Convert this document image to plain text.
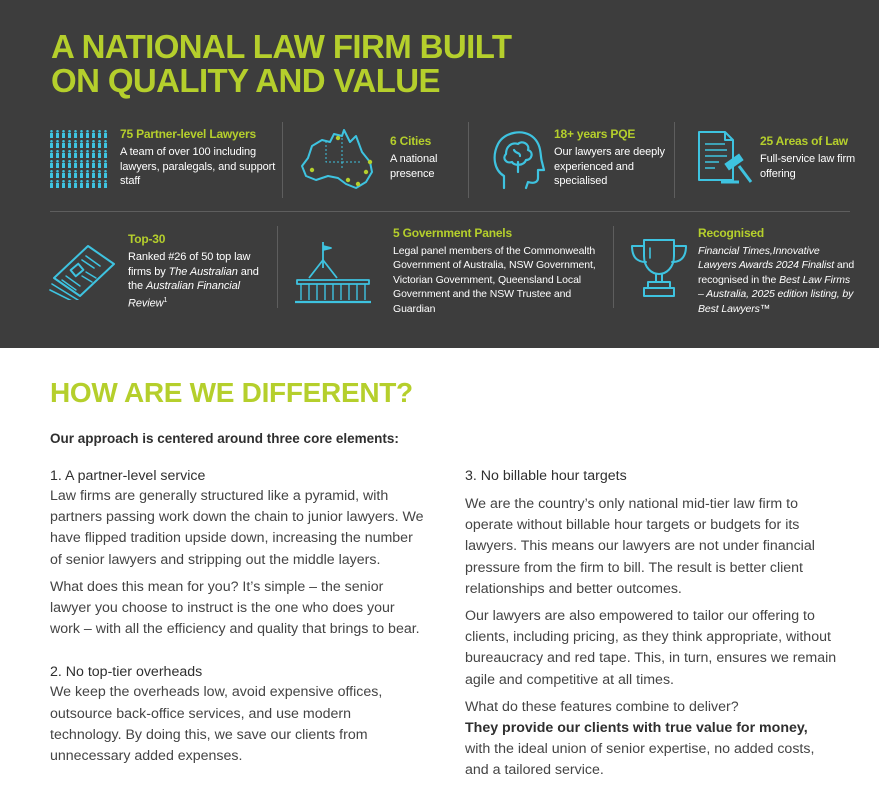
A NATIONAL LAW FIRM BUILT
ON QUALITY AND VALUE
75 Partner-level Lawyers
A team of over 100 including lawyers, paralegals, and support staff
6 Cities
A national presence
18+ years PQE
Our lawyers are deeply experienced and specialised
25 Areas of Law
Full-service law firm offering
Top-30
Ranked #26 of 50 top law firms by The Australian and the Australian Financial Review$^1$
5 Government Panels
Legal panel members of the Commonwealth Government of Australia, NSW Government, Victorian Government, Queensland Local Government and the NSW Trustee and Guardian
Recognised
Financial Times,Innovative Lawyers Awards 2024 Finalist and recognised in the Best Law Firms – Australia, 2025 edition listing, by Best Lawyers™
HOW ARE WE DIFFERENT?
Our approach is centered around three core elements:
1. A partner-level service

Law firms are generally structured like a pyramid, with partners passing work down the chain to junior lawyers. We have flipped tradition upside down, increasing the number of senior lawyers and stripping out the middle layers.

What does this mean for you? It’s simple – the senior lawyer you choose to instruct is the one who does your work – with all the efficiency and quality that brings to bear.

2. No top-tier overheads

We keep the overheads low, avoid expensive offices, outsource back-office services, and use modern technology. By doing this, we save our clients from unnecessary added expenses.

3. No billable hour targets

We are the country’s only national mid-tier law firm to operate without billable hour targets or budgets for its lawyers. This means our lawyers are not under financial pressure from the firm to bill. The result is better client relationships and better outcomes.

Our lawyers are also empowered to tailor our offering to clients, including pricing, as they think appropriate, without bureaucracy and red tape. This, in turn, ensures we remain agile and competitive at all times.

What do these features combine to deliver?

They provide our clients with true value for money,
with the ideal union of senior expertise, no added costs, and a tailored service.
